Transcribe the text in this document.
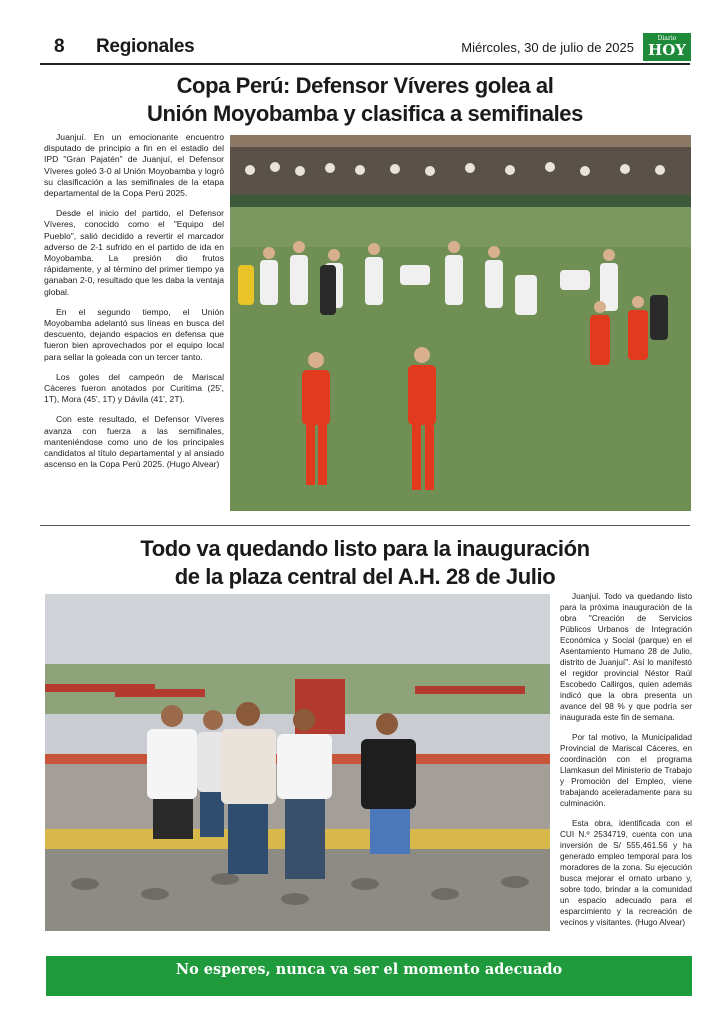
8 Regionales	Miércoles, 30 de julio de 2025
Diario
HOY
Copa Perú: Defensor Víveres golea al
Unión Moyobamba y clasifica a semifinales

Juanjuí. En un emocionante encuentro disputado de principio a fin en el estadio del IPD "Gran Pajatén" de Juanjuí, el Defensor Víveres goleó 3-0 al Unión Moyobamba y logró su clasificación a las semifinales de la etapa departamental de la Copa Perú 2025.

Desde el inicio del partido, el Defensor Víveres, conocido como el "Equipo del Pueblo", salió decidido a revertir el marcador adverso de 2-1 sufrido en el partido de ida en Moyobamba. La presión dio frutos rápidamente, y al término del primer tiempo ya ganaban 2-0, resultado que les daba la ventaja global.

En el segundo tiempo, el Unión Moyobamba adelantó sus líneas en busca del descuento, dejando espacios en defensa que fueron bien aprovechados por el equipo local para sellar la goleada con un tercer tanto.

Los goles del campeón de Mariscal Cáceres fueron anotados por Curitima (25', 1T), Mora (45', 1T) y Dávila (41', 2T).

Con este resultado, el Defensor Víveres avanza con fuerza a las semifinales, manteniéndose como uno de los principales candidatos al título departamental y al ansiado ascenso en la Copa Perú 2025. (Hugo Alvear)

Todo va quedando listo para la inauguración
de la plaza central del A.H. 28 de Julio

Juanjuí. Todo va quedando listo para la próxima inauguración de la obra "Creación de Servicios Públicos Urbanos de Integración Económica y Social (parque) en el Asentamiento Humano 28 de Julio, distrito de Juanjuí". Así lo manifestó el regidor provincial Néstor Raúl Escobedo Callirgos, quien además indicó que la obra presenta un avance del 98 % y que podría ser inaugurada este fin de semana.

Por tal motivo, la Municipalidad Provincial de Mariscal Cáceres, en coordinación con el programa Llamkasun del Ministerio de Trabajo y Promoción del Empleo, viene trabajando aceleradamente para su culminación.

Esta obra, identificada con el CUI N.º 2534719, cuenta con una inversión de S/ 555,461.56 y ha generado empleo temporal para los moradores de la zona. Su ejecución busca mejorar el ornato urbano y, sobre todo, brindar a la comunidad un espacio adecuado para el esparcimiento y la recreación de vecinos y visitantes. (Hugo Alvear)

No esperes, nunca va ser el momento adecuado
